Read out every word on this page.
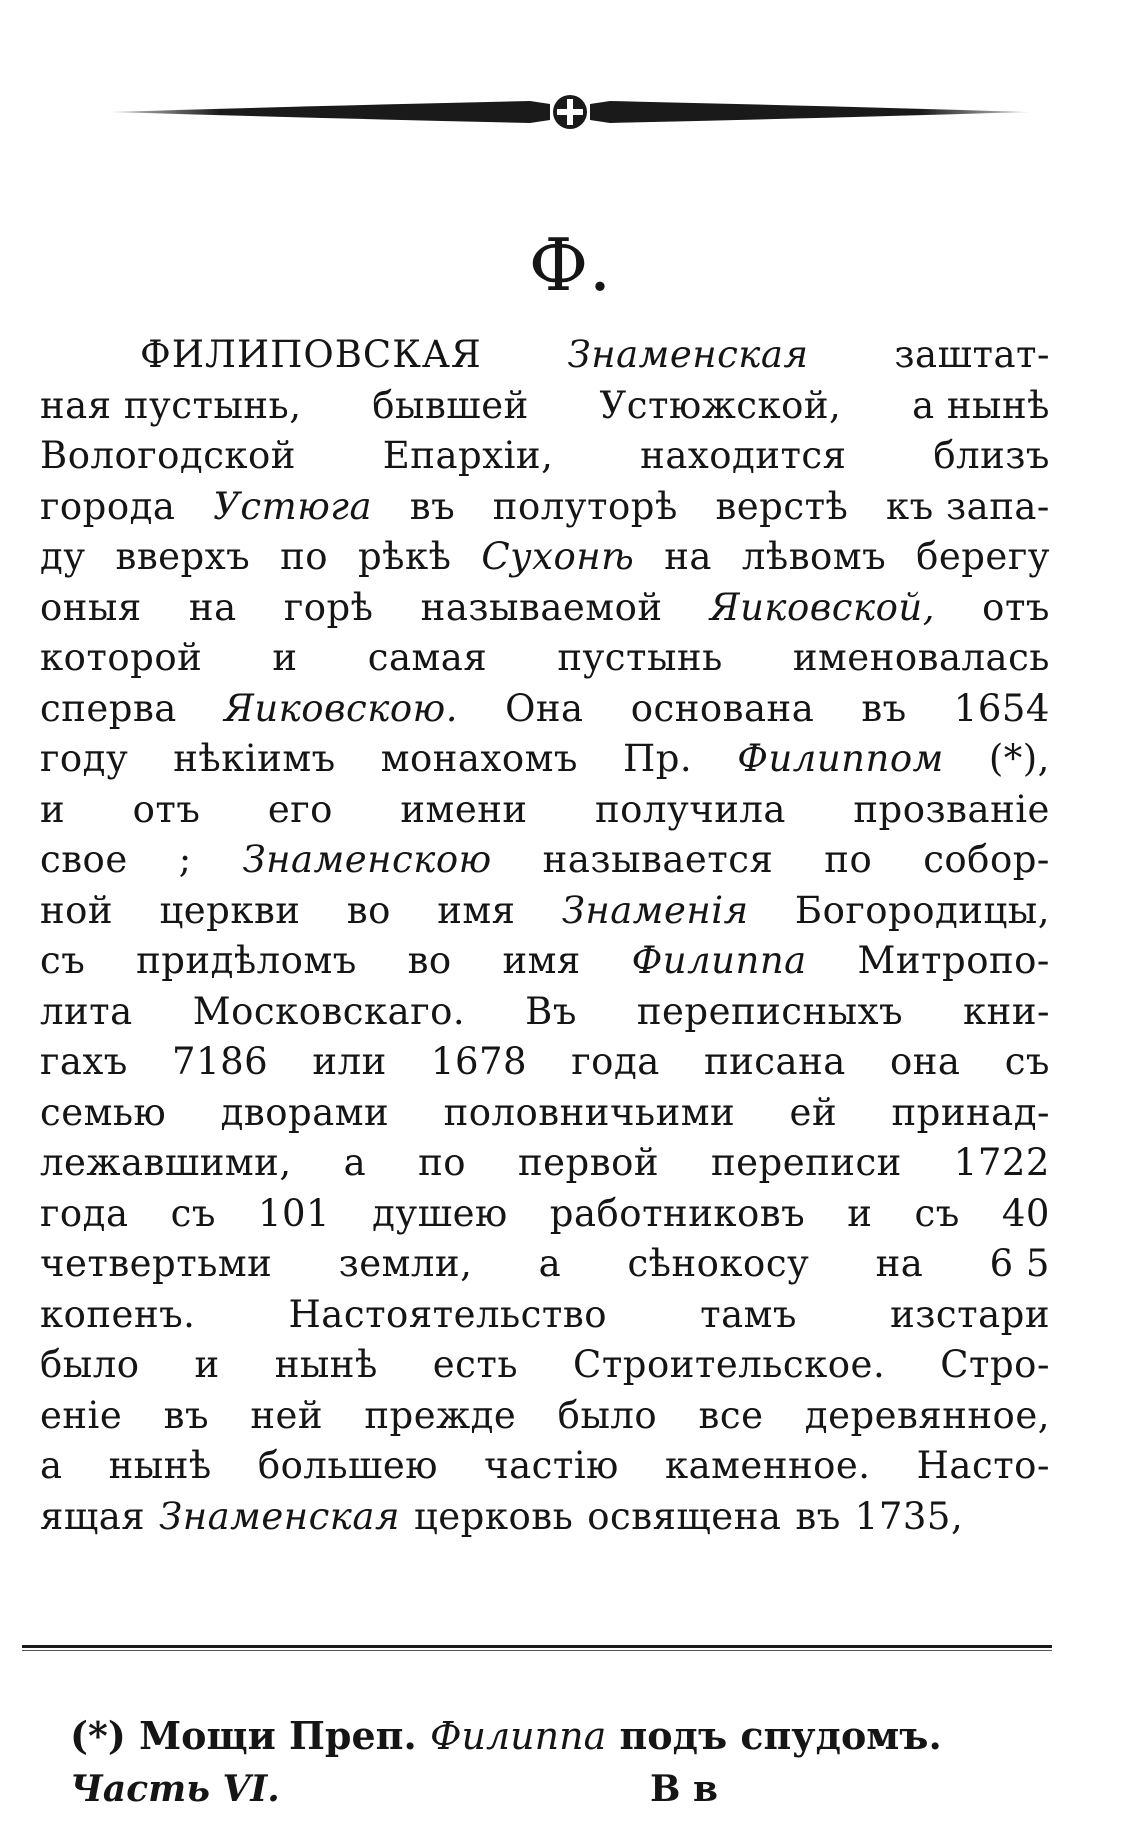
Ф.
ФИЛИПОВСКАЯ Знаменская заштат-
ная пустынь, бывшей Устюжской, а нынѣ
Вологодской Епархіи, находится близъ
города Устюга въ полуторѣ верстѣ къ запа-
ду вверхъ по рѣкѣ Сухонѣ на лѣвомъ берегу
оныя на горѣ называемой Яиковской, отъ
которой и самая пустынь именовалась
сперва Яиковскою. Она основана въ 1654
году нѣкіимъ монахомъ Пр. Филиппом (*),
и отъ его имени получила прозваніе
свое ; Знаменскою называется по собор-
ной церкви во имя Знаменія Богородицы,
съ придѣломъ во имя Филиппа Митропо-
лита Московскаго. Въ переписныхъ кни-
гахъ 7186 или 1678 года писана она съ
семью дворами половничьими ей принад-
лежавшими, а по первой переписи 1722
года съ 101 душею работниковъ и съ 40
четвертьми земли, а сѣнокосу на 6 5
копенъ.	Настоятельство	тамъ	изстари
было и нынѣ есть Строительское. Стро-
еніе въ ней прежде было все деревянное,
а нынѣ большею частію каменное. Насто-
ящая Знаменская церковь освящена въ 1735,
(*) Мощи Преп. Филиппа подъ спудомъ.
Часть VI.	В в
